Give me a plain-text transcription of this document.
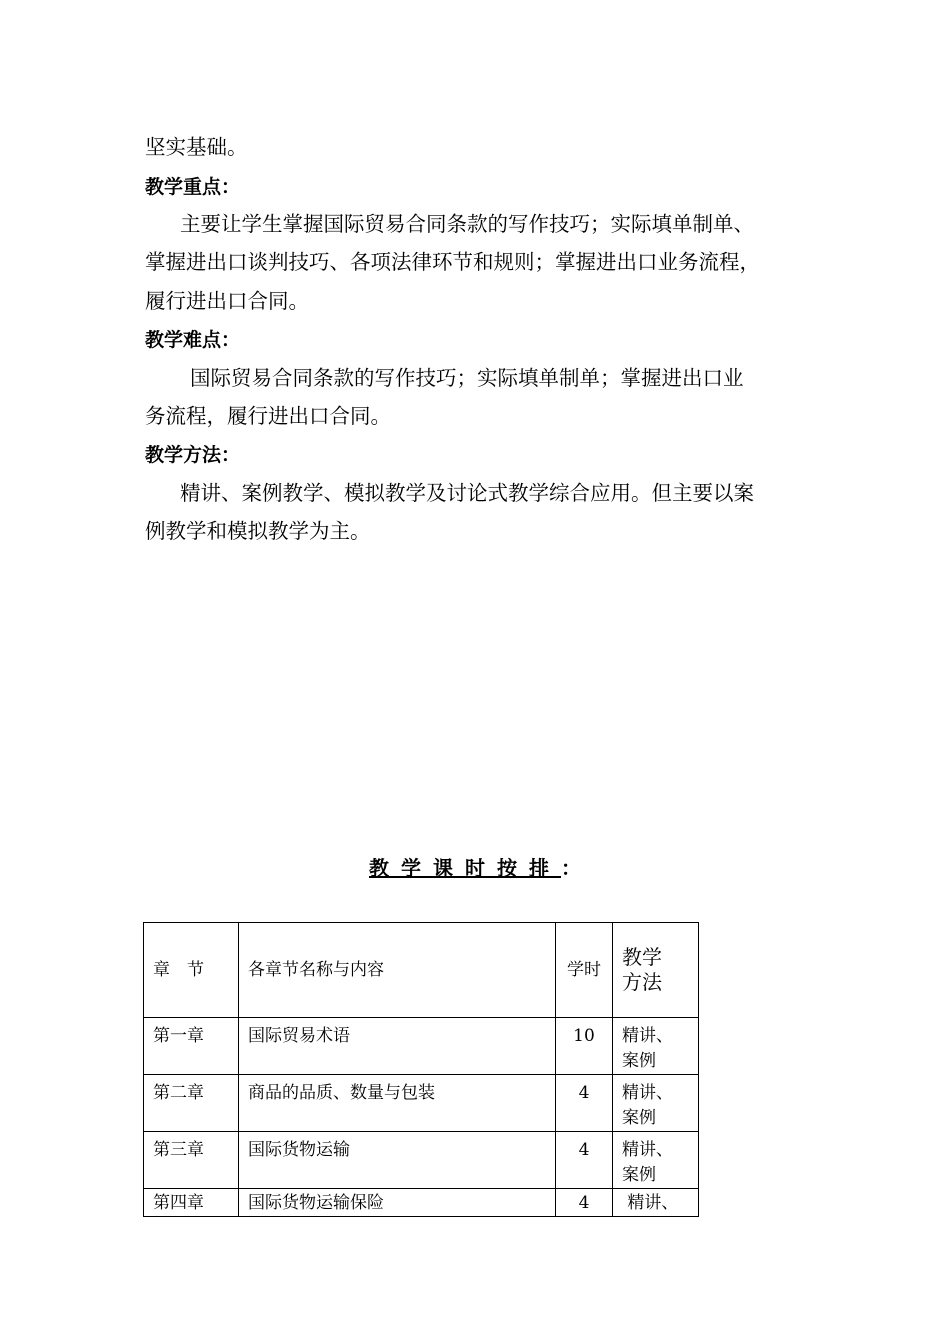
坚实基础。
教学重点：
主要让学生掌握国际贸易合同条款的写作技巧；实际填单制单、
掌握进出口谈判技巧、各项法律环节和规则；掌握进出口业务流程，
履行进出口合同。
教学难点：
国际贸易合同条款的写作技巧；实际填单制单；掌握进出口业
务流程，履行进出口合同。
教学方法：
精讲、案例教学、模拟教学及讨论式教学综合应用。但主要以案
例教学和模拟教学为主。
教学课时按排：
章　节	各章节名称与内容	学时	教学
方法
第一章	国际贸易术语	10	精讲、
案例
第二章	商品的品质、数量与包装	4	精讲、
案例
第三章	国际货物运输	4	精讲、
案例
第四章	国际货物运输保险	4	精讲、
